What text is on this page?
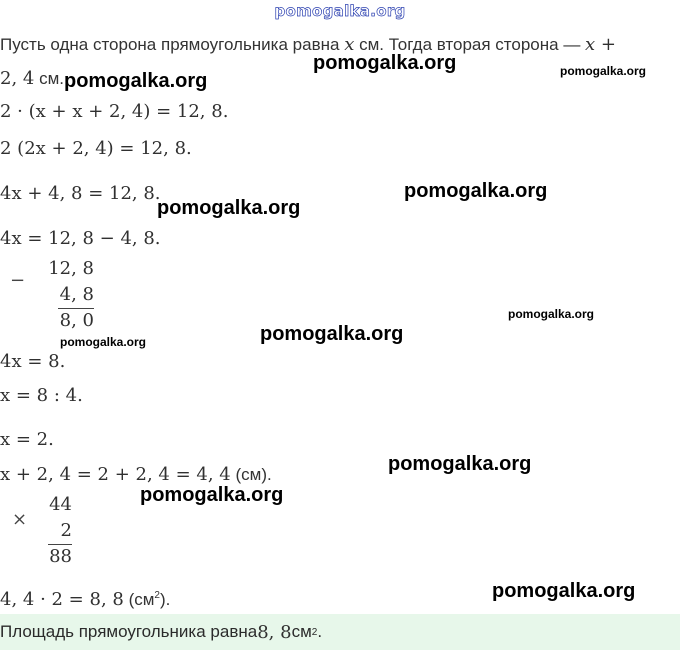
pomogalka.org
Пусть одна сторона прямоугольника равна x см. Тогда вторая сторона — x +
2, 4 см.
2 · (x + x + 2, 4) = 12, 8.
2 (2x + 2, 4) = 12, 8.
4x + 4, 8 = 12, 8.
4x = 12, 8 − 4, 8.
−
12, 8
4, 8
8, 0
4x = 8.
x = 8 : 4.
x = 2.
x + 2, 4 = 2 + 2, 4 = 4, 4 (см).
×
44
2
88
4, 4 · 2 = 8, 8 $(см^2)$.
Площадь прямоугольника равна 8, 8 см 2 .
pomogalka.org
pomogalka.org	pomogalka.org
pomogalka.org
pomogalka.org
pomogalka.org
pomogalka.org
pomogalka.org
pomogalka.org
pomogalka.org
pomogalka.org
